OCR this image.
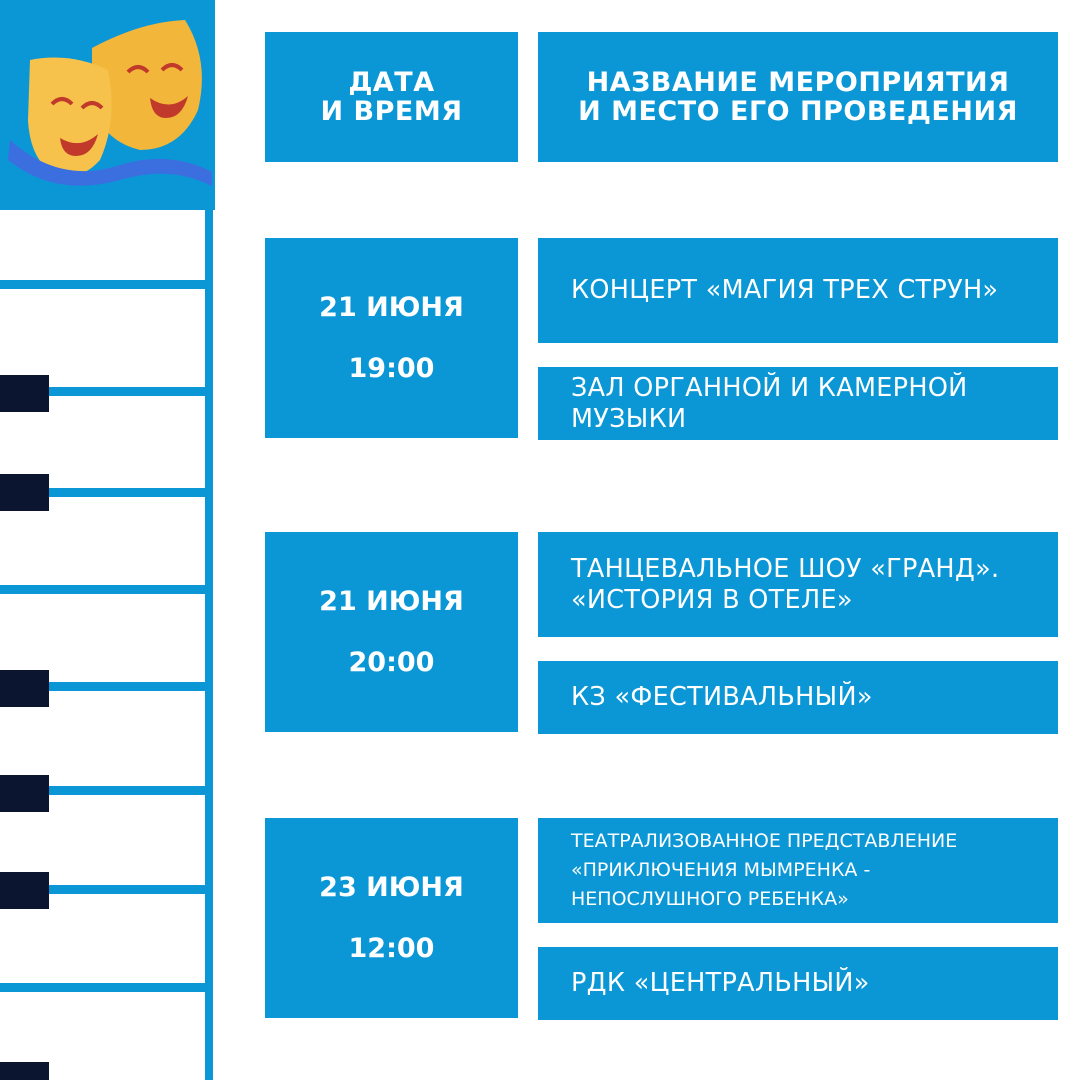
ДАТА
И ВРЕМЯ
НАЗВАНИЕ МЕРОПРИЯТИЯ
И МЕСТО ЕГО ПРОВЕДЕНИЯ
21 ИЮНЯ
19:00
КОНЦЕРТ «МАГИЯ ТРЕХ СТРУН»
ЗАЛ ОРГАННОЙ И КАМЕРНОЙ
МУЗЫКИ
21 ИЮНЯ
20:00
ТАНЦЕВАЛЬНОЕ ШОУ «ГРАНД».
«ИСТОРИЯ В ОТЕЛЕ»
КЗ «ФЕСТИВАЛЬНЫЙ»
23 ИЮНЯ
12:00
ТЕАТРАЛИЗОВАННОЕ ПРЕДСТАВЛЕНИЕ
«ПРИКЛЮЧЕНИЯ МЫМРЕНКА -
НЕПОСЛУШНОГО РЕБЕНКА»
РДК «ЦЕНТРАЛЬНЫЙ»
